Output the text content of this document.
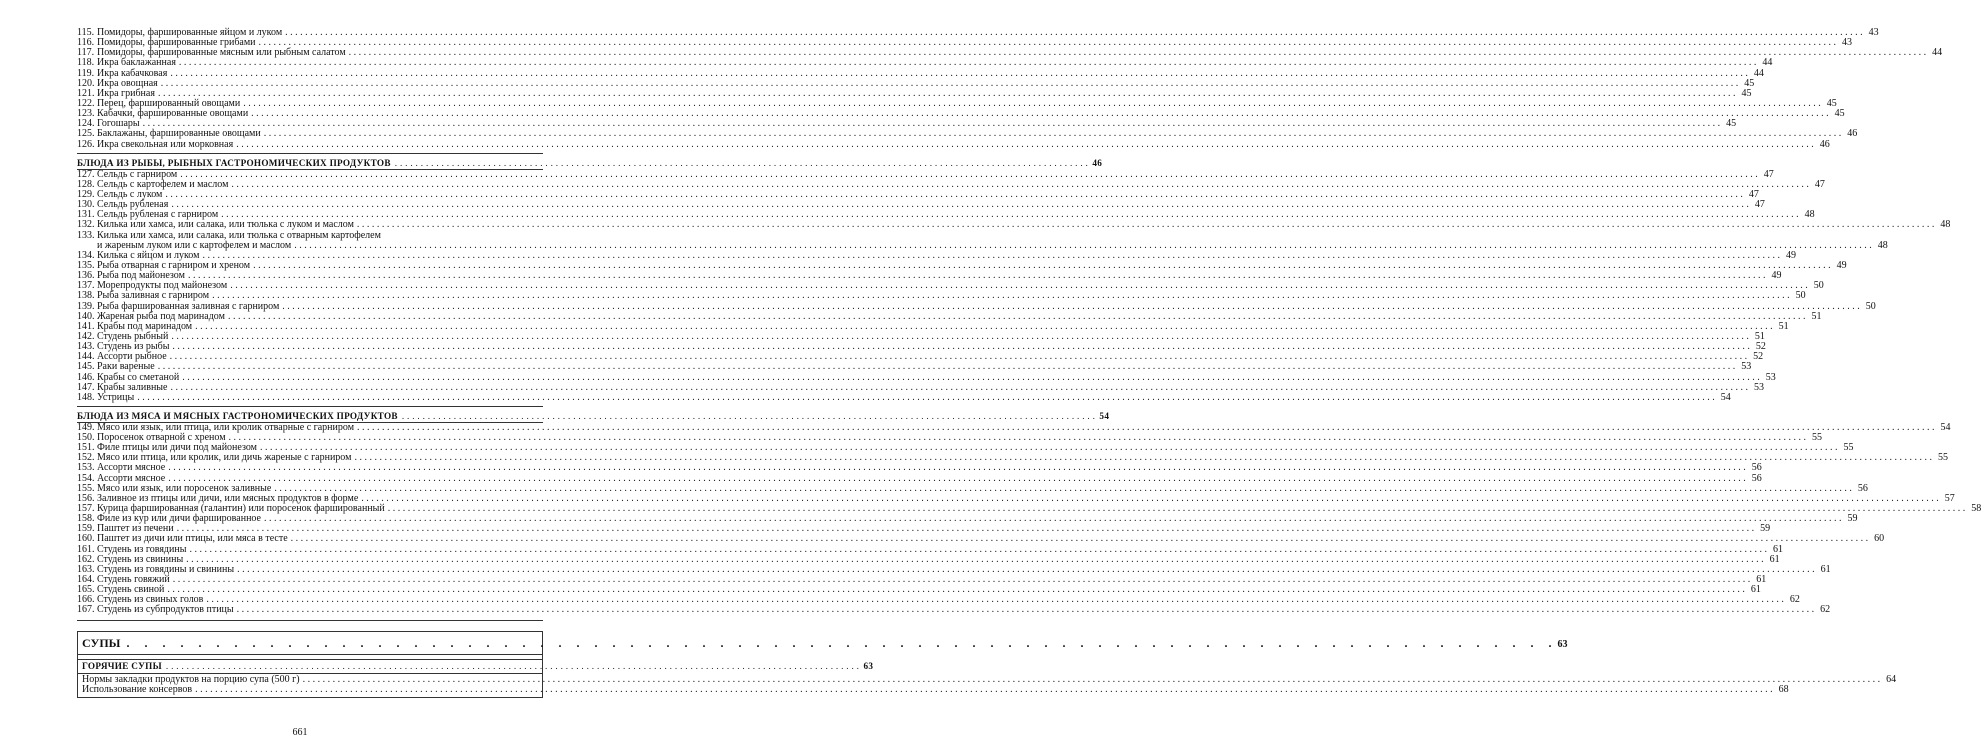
115. Помидоры, фаршированные яйцом и луком . . .	43
116. Помидоры, фаршированные грибами . . .	43
117. Помидоры, фаршированные мясным или рыбным салатом . . .	44
118. Икра баклажанная . . .	44
119. Икра кабачковая . . .	44
120. Икра овощная . . .	45
121. Икра грибная . . .	45
122. Перец, фаршированный овощами . . .	45
123. Кабачки, фаршированные овощами . . .	45
124. Гогошары . . .	45
125. Баклажаны, фаршированные овощами . . .	46
126. Икра свекольная или морковная . . .	46
БЛЮДА ИЗ РЫБЫ, РЫБНЫХ ГАСТРОНОМИЧЕСКИХ ПРОДУКТОВ . . .	46
127. Сельдь с гарниром . . .	47
128. Сельдь с картофелем и маслом . . .	47
129. Сельдь с луком . . .	47
130. Сельдь рубленая . . .	47
131. Сельдь рубленая с гарниром . . .	48
132. Килька или хамса, или салака, или тюлька с луком и маслом . . .	48
133. Килька или хамса, или салака, или тюлька с отварным картофелем
и жареным луком или с картофелем и маслом . . .	48
134. Килька с яйцом и луком . . .	49
135. Рыба отварная с гарниром и хреном . . .	49
136. Рыба под майонезом . . .	49
137. Морепродукты под майонезом . . .	50
138. Рыба заливная с гарниром . . .	50
139. Рыба фаршированная заливная с гарниром . . .	50
140. Жареная рыба под маринадом . . .	51
141. Крабы под маринадом . . .	51
142. Студень рыбный . . .	51
143. Студень из рыбы . . .	52
144. Ассорти рыбное . . .	52
145. Раки вареные . . .	53
146. Крабы со сметаной . . .	53
147. Крабы заливные . . .	53
148. Устрицы . . .	54
БЛЮДА ИЗ МЯСА И МЯСНЫХ ГАСТРОНОМИЧЕСКИХ ПРОДУКТОВ . . .	54
149. Мясо или язык, или птица, или кролик отварные с гарниром . . .	54
150. Поросенок отварной с хреном . . .	55
151. Филе птицы или дичи под майонезом . . .	55
152. Мясо или птица, или кролик, или дичь жареные с гарниром . . .	55
153. Ассорти мясное . . .	56
154. Ассорти мясное . . .	56
155. Мясо или язык, или поросенок заливные . . .	56
156. Заливное из птицы или дичи, или мясных продуктов в форме . . .	57
157. Курица фаршированная (галантин) или поросенок фаршированный . . .	58
158. Филе из кур или дичи фаршированное . . .	59
159. Паштет из печени . . .	59
160. Паштет из дичи или птицы, или мяса в тесте . . .	60
161. Студень из говядины . . .	61
162. Студень из свинины . . .	61
163. Студень из говядины и свинины . . .	61
164. Студень говяжий . . .	61
165. Студень свиной . . .	61
166. Студень из свиных голов . . .	62
167. Студень из субпродуктов птицы . . .	62
СУПЫ . . .	63
ГОРЯЧИЕ СУПЫ . . .	63
Нормы закладки продуктов на порцию супа (500 г) . . .	64
Использование консервов . . .	68
661
